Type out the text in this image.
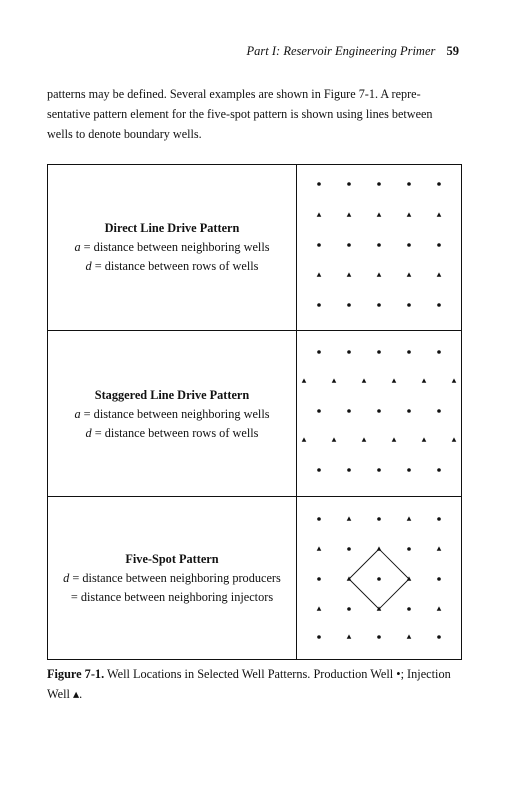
Part I: Reservoir Engineering Primer 59

patterns may be defined. Several examples are shown in Figure 7-1. A repre-

sentative pattern element for the five-spot pattern is shown using lines between

wells to denote boundary wells.

Direct Line Drive Pattern
a = distance between neighboring wells
d = distance between rows of wells
Staggered Line Drive Pattern
a = distance between neighboring wells
d = distance between rows of wells
Five-Spot Pattern
d = distance between neighboring producers
= distance between neighboring injectors
Figure 7-1. Well Locations in Selected Well Patterns. Production Well •; Injection Well ▴.
